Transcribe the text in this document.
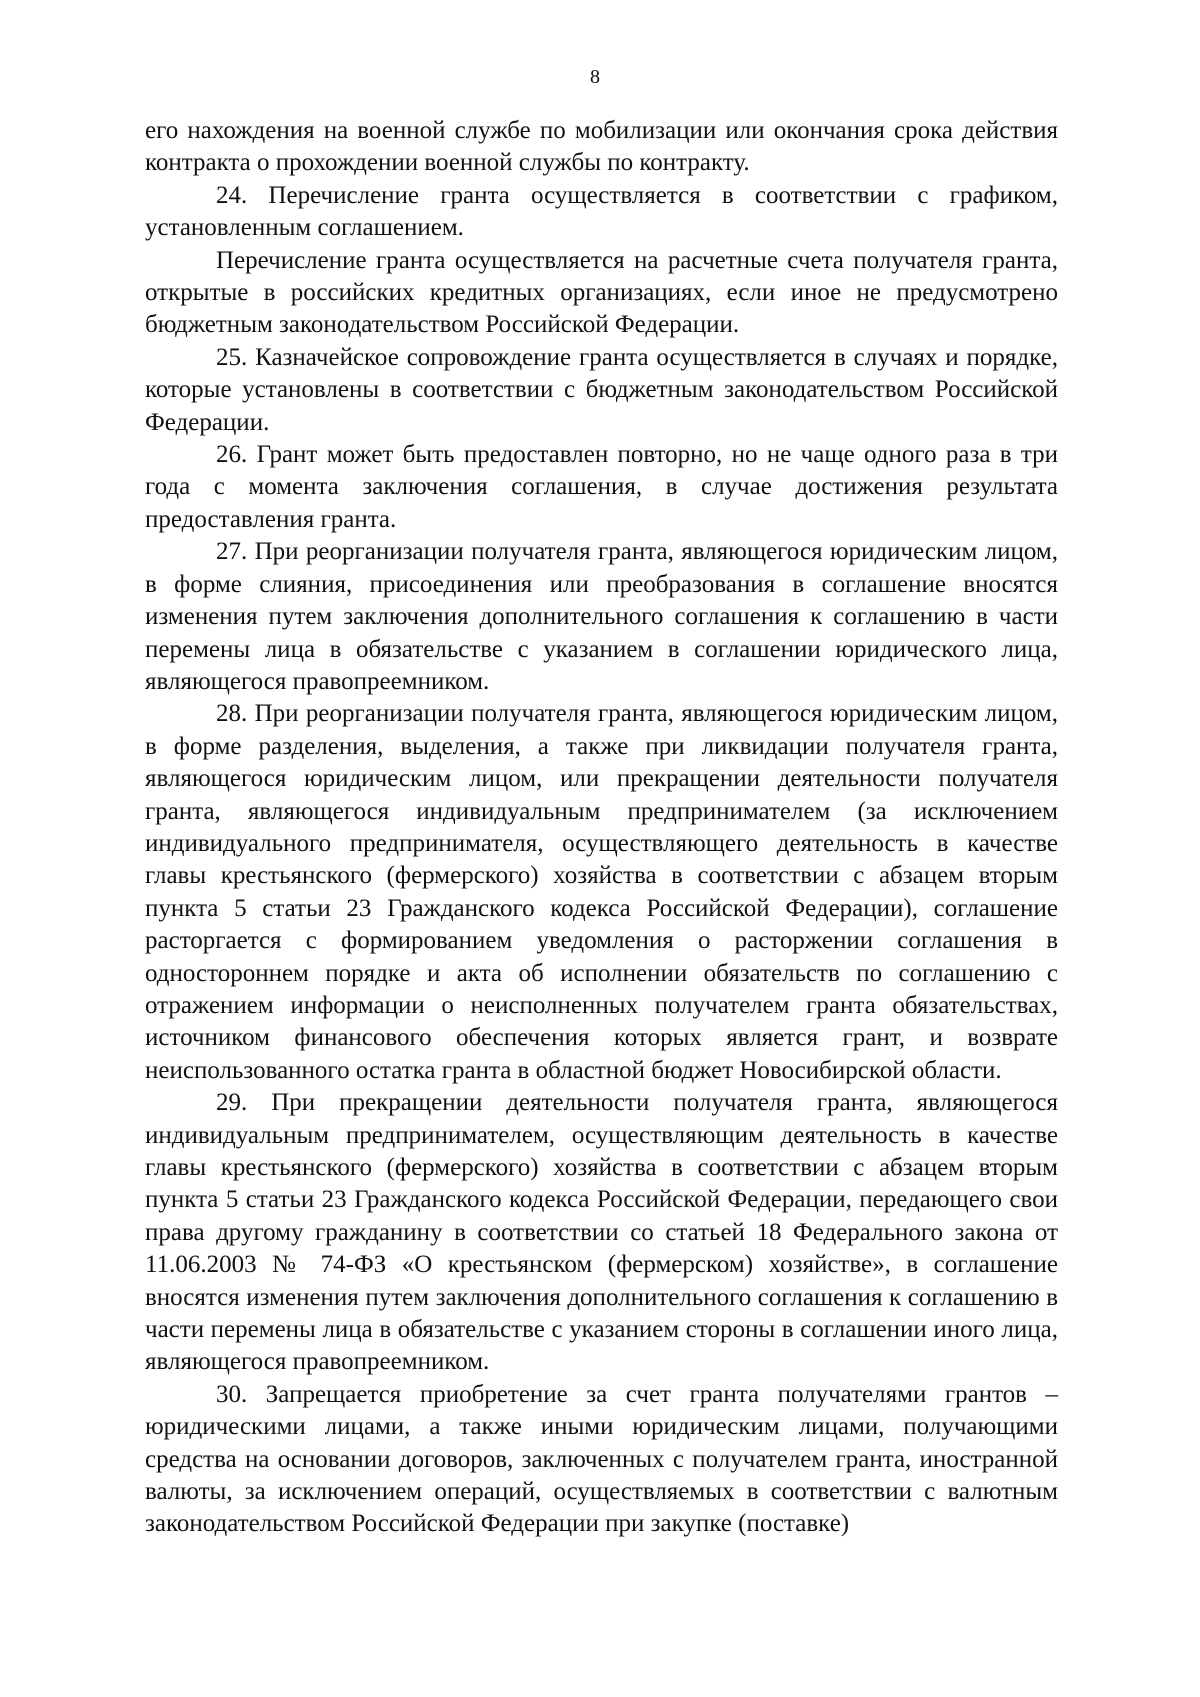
8

его нахождения на военной службе по мобилизации или окончания срока действия контракта о прохождении военной службы по контракту.

24. Перечисление гранта осуществляется в соответствии с графиком, установленным соглашением.

Перечисление гранта осуществляется на расчетные счета получателя гранта, открытые в российских кредитных организациях, если иное не предусмотрено бюджетным законодательством Российской Федерации.

25. Казначейское сопровождение гранта осуществляется в случаях и порядке, которые установлены в соответствии с бюджетным законодательством Российской Федерации.

26. Грант может быть предоставлен повторно, но не чаще одного раза в три года с момента заключения соглашения, в случае достижения результата предоставления гранта.

27. При реорганизации получателя гранта, являющегося юридическим лицом, в форме слияния, присоединения или преобразования в соглашение вносятся изменения путем заключения дополнительного соглашения к соглашению в части перемены лица в обязательстве с указанием в соглашении юридического лица, являющегося правопреемником.

28. При реорганизации получателя гранта, являющегося юридическим лицом, в форме разделения, выделения, а также при ликвидации получателя гранта, являющегося юридическим лицом, или прекращении деятельности получателя гранта, являющегося индивидуальным предпринимателем (за исключением индивидуального предпринимателя, осуществляющего деятельность в качестве главы крестьянского (фермерского) хозяйства в соответствии с абзацем вторым пункта 5 статьи 23 Гражданского кодекса Российской Федерации), соглашение расторгается с формированием уведомления о расторжении соглашения в одностороннем порядке и акта об исполнении обязательств по соглашению с отражением информации о неисполненных получателем гранта обязательствах, источником финансового обеспечения которых является грант, и возврате неиспользованного остатка гранта в областной бюджет Новосибирской области.

29. При прекращении деятельности получателя гранта, являющегося индивидуальным предпринимателем, осуществляющим деятельность в качестве главы крестьянского (фермерского) хозяйства в соответствии с абзацем вторым пункта 5 статьи 23 Гражданского кодекса Российской Федерации, передающего свои права другому гражданину в соответствии со статьей 18 Федерального закона от 11.06.2003 № 74-ФЗ «О крестьянском (фермерском) хозяйстве», в соглашение вносятся изменения путем заключения дополнительного соглашения к соглашению в части перемены лица в обязательстве с указанием стороны в соглашении иного лица, являющегося правопреемником.

30. Запрещается приобретение за счет гранта получателями грантов – юридическими лицами, а также иными юридическим лицами, получающими средства на основании договоров, заключенных с получателем гранта, иностранной валюты, за исключением операций, осуществляемых в соответствии с валютным законодательством Российской Федерации при закупке (поставке)
